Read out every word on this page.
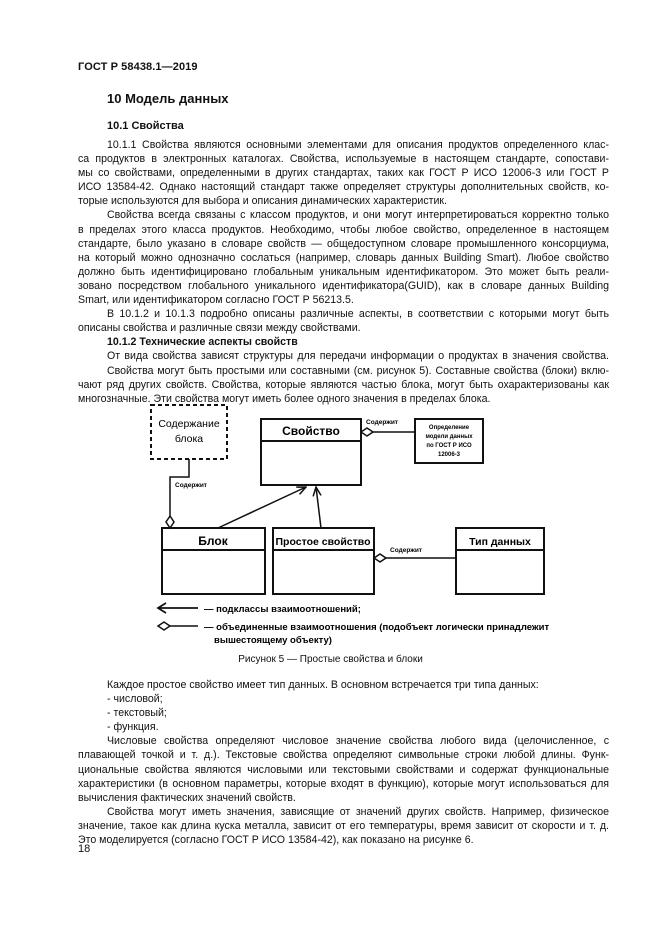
ГОСТ Р 58438.1—2019
10 Модель данных
10.1 Свойства
10.1.1 Свойства являются основными элементами для описания продуктов определенного клас-
са продуктов в электронных каталогах. Свойства, используемые в настоящем стандарте, сопостави-
мы со свойствами, определенными в других стандартах, таких как ГОСТ Р ИСО 12006-3 или ГОСТ Р
ИСО 13584-42. Однако настоящий стандарт также определяет структуры дополнительных свойств, ко-
торые используются для выбора и описания динамических характеристик.
Свойства всегда связаны с классом продуктов, и они могут интерпретироваться корректно только
в пределах этого класса продуктов. Необходимо, чтобы любое свойство, определенное в настоящем
стандарте, было указано в словаре свойств — общедоступном словаре промышленного консорциума,
на который можно однозначно сослаться (например, словарь данных Building Smart). Любое свойство
должно быть идентифицировано глобальным уникальным идентификатором. Это может быть реали-
зовано посредством глобального уникального идентификатора(GUID), как в словаре данных Building
Smart, или идентификатором согласно ГОСТ Р 56213.5.
В 10.1.2 и 10.1.3 подробно описаны различные аспекты, в соответствии с которыми могут быть
описаны свойства и различные связи между свойствами.
10.1.2 Технические аспекты свойств
От вида свойства зависят структуры для передачи информации о продуктах в значения свойства.
Свойства могут быть простыми или составными (см. рисунок 5). Составные свойства (блоки) вклю-
чают ряд других свойств. Свойства, которые являются частью блока, могут быть охарактеризованы как
многозначные. Эти свойства могут иметь более одного значения в пределах блока.
Содержание
блока
Свойство	Определение
модели данных
по ГОСТ Р ИСО
12006-3
Содержит
Блок	Простое свойство	Тип данных
Содержит
Содержит
— подклассы взаимоотношений;
— объединенные взаимоотношения (подобъект логически принадлежит
вышестоящему объекту)
Рисунок 5 — Простые свойства и блоки
Каждое простое свойство имеет тип данных. В основном встречается три типа данных:
- числовой;
- текстовый;
- функция.
Числовые свойства определяют числовое значение свойства любого вида (целочисленное, с
плавающей точкой и т. д.). Текстовые свойства определяют символьные строки любой длины. Функ-
циональные свойства являются числовыми или текстовыми свойствами и содержат функциональные
характеристики (в основном параметры, которые входят в функцию), которые могут использоваться для
вычисления фактических значений свойств.
Свойства могут иметь значения, зависящие от значений других свойств. Например, физическое
значение, такое как длина куска металла, зависит от его температуры, время зависит от скорости и т. д.
Это моделируется (согласно ГОСТ Р ИСО 13584-42), как показано на рисунке 6.
18
